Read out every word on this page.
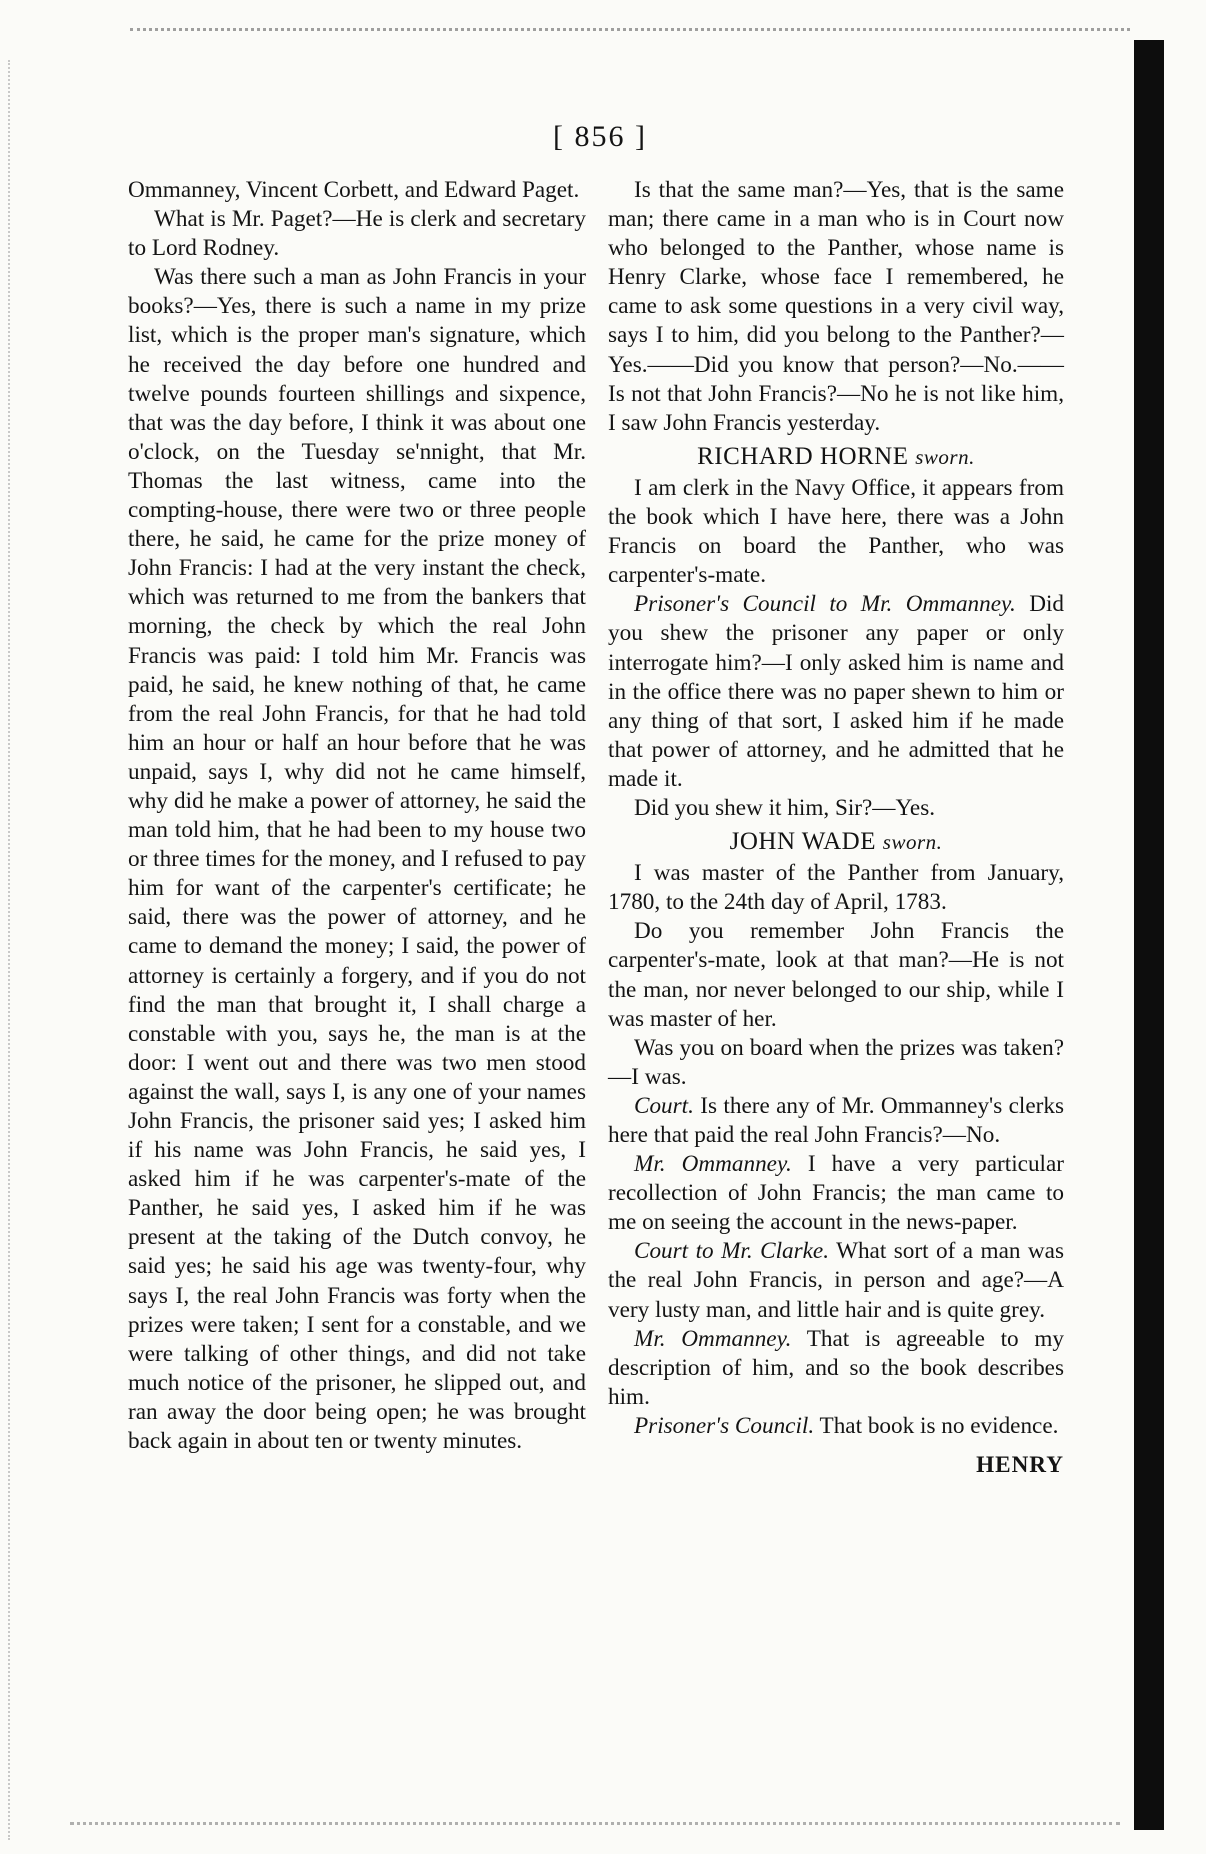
[ 856 ]

Ommanney, Vincent Corbett, and Edward Paget.

What is Mr. Paget?—He is clerk and secretary to Lord Rodney.

Was there such a man as John Francis in your books?—Yes, there is such a name in my prize list, which is the proper man's signature, which he received the day before one hundred and twelve pounds fourteen shillings and sixpence, that was the day before, I think it was about one o'clock, on the Tuesday se'nnight, that Mr. Thomas the last witness, came into the compting-house, there were two or three people there, he said, he came for the prize money of John Francis: I had at the very instant the check, which was returned to me from the bankers that morning, the check by which the real John Francis was paid: I told him Mr. Francis was paid, he said, he knew nothing of that, he came from the real John Francis, for that he had told him an hour or half an hour before that he was unpaid, says I, why did not he came himself, why did he make a power of attorney, he said the man told him, that he had been to my house two or three times for the money, and I refused to pay him for want of the carpenter's certificate; he said, there was the power of attorney, and he came to demand the money; I said, the power of attorney is certainly a forgery, and if you do not find the man that brought it, I shall charge a constable with you, says he, the man is at the door: I went out and there was two men stood against the wall, says I, is any one of your names John Francis, the prisoner said yes; I asked him if his name was John Francis, he said yes, I asked him if he was carpenter's-mate of the Panther, he said yes, I asked him if he was present at the taking of the Dutch convoy, he said yes; he said his age was twenty-four, why says I, the real John Francis was forty when the prizes were taken; I sent for a constable, and we were talking of other things, and did not take much notice of the prisoner, he slipped out, and ran away the door being open; he was brought back again in about ten or twenty minutes.

Is that the same man?—Yes, that is the same man; there came in a man who is in Court now who belonged to the Panther, whose name is Henry Clarke, whose face I remembered, he came to ask some questions in a very civil way, says I to him, did you belong to the Panther?—Yes.——Did you know that person?—No.——Is not that John Francis?—No he is not like him, I saw John Francis yesterday.

RICHARD HORNE sworn.

I am clerk in the Navy Office, it appears from the book which I have here, there was a John Francis on board the Panther, who was carpenter's-mate.

Prisoner's Council to Mr. Ommanney. Did you shew the prisoner any paper or only interrogate him?—I only asked him is name and in the office there was no paper shewn to him or any thing of that sort, I asked him if he made that power of attorney, and he admitted that he made it.

Did you shew it him, Sir?—Yes.

JOHN WADE sworn.

I was master of the Panther from January, 1780, to the 24th day of April, 1783.

Do you remember John Francis the carpenter's-mate, look at that man?—He is not the man, nor never belonged to our ship, while I was master of her.

Was you on board when the prizes was taken?—I was.

Court. Is there any of Mr. Ommanney's clerks here that paid the real John Francis?—No.

Mr. Ommanney. I have a very particular recollection of John Francis; the man came to me on seeing the account in the news-paper.

Court to Mr. Clarke. What sort of a man was the real John Francis, in person and age?—A very lusty man, and little hair and is quite grey.

Mr. Ommanney. That is agreeable to my description of him, and so the book describes him.

Prisoner's Council. That book is no evidence.

HENRY
